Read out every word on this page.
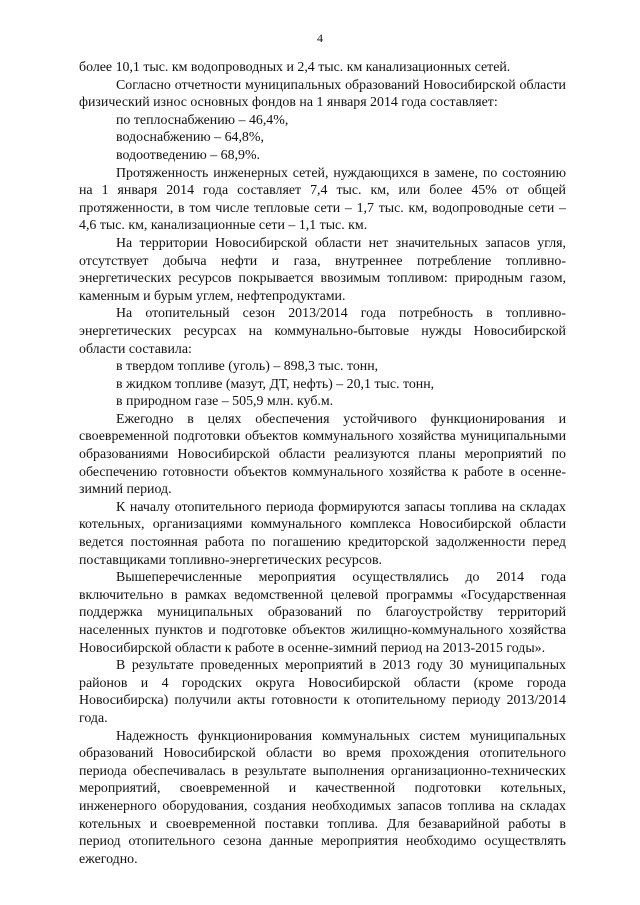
4

более 10,1 тыс. км водопроводных и 2,4 тыс. км канализационных сетей.

Согласно отчетности муниципальных образований Новосибирской области физический износ основных фондов на 1 января 2014 года составляет:

по теплоснабжению – 46,4%,

водоснабжению – 64,8%,

водоотведению – 68,9%.

Протяженность инженерных сетей, нуждающихся в замене, по состоянию на 1 января 2014 года составляет 7,4 тыс. км, или более 45% от общей протяженности, в том числе тепловые сети – 1,7 тыс. км, водопроводные сети – 4,6 тыс. км, канализационные сети – 1,1 тыс. км.

На территории Новосибирской области нет значительных запасов угля, отсутствует добыча нефти и газа, внутреннее потребление топливно-энергетических ресурсов покрывается ввозимым топливом: природным газом, каменным и бурым углем, нефтепродуктами.

На отопительный сезон 2013/2014 года потребность в топливно-энергетических ресурсах на коммунально-бытовые нужды Новосибирской области составила:

в твердом топливе (уголь) – 898,3 тыс. тонн,

в жидком топливе (мазут, ДТ, нефть) – 20,1 тыс. тонн,

в природном газе – 505,9 млн. куб.м.

Ежегодно в целях обеспечения устойчивого функционирования и своевременной подготовки объектов коммунального хозяйства муниципальными образованиями Новосибирской области реализуются планы мероприятий по обеспечению готовности объектов коммунального хозяйства к работе в осенне-зимний период.

К началу отопительного периода формируются запасы топлива на складах котельных, организациями коммунального комплекса Новосибирской области ведется постоянная работа по погашению кредиторской задолженности перед поставщиками топливно-энергетических ресурсов.

Вышеперечисленные мероприятия осуществлялись до 2014 года включительно в рамках ведомственной целевой программы «Государственная поддержка муниципальных образований по благоустройству территорий населенных пунктов и подготовке объектов жилищно-коммунального хозяйства Новосибирской области к работе в осенне-зимний период на 2013-2015 годы».

В результате проведенных мероприятий в 2013 году 30 муниципальных районов и 4 городских округа Новосибирской области (кроме города Новосибирска) получили акты готовности к отопительному периоду 2013/2014 года.

Надежность функционирования коммунальных систем муниципальных образований Новосибирской области во время прохождения отопительного периода обеспечивалась в результате выполнения организационно-технических мероприятий, своевременной и качественной подготовки котельных, инженерного оборудования, создания необходимых запасов топлива на складах котельных и своевременной поставки топлива. Для безаварийной работы в период отопительного сезона данные мероприятия необходимо осуществлять ежегодно.
